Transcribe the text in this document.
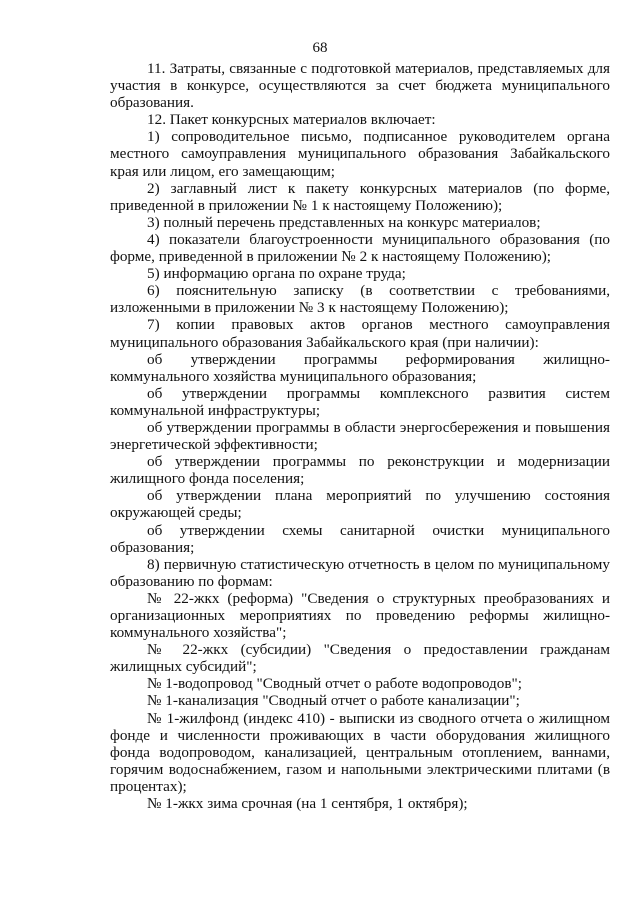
68

11. Затраты, связанные с подготовкой материалов, представляемых для участия в конкурсе, осуществляются за счет бюджета муниципального образования.

12. Пакет конкурсных материалов включает:

1) сопроводительное письмо, подписанное руководителем органа местного самоуправления муниципального образования Забайкальского края или лицом, его замещающим;

2) заглавный лист к пакету конкурсных материалов (по форме, приведенной в приложении № 1 к настоящему Положению);

3) полный перечень представленных на конкурс материалов;

4) показатели благоустроенности муниципального образования (по форме, приведенной в приложении № 2 к настоящему Положению);

5) информацию органа по охране труда;

6) пояснительную записку (в соответствии с требованиями, изложенными в приложении № 3 к настоящему Положению);

7) копии правовых актов органов местного самоуправления муниципального образования Забайкальского края (при наличии):

об утверждении программы реформирования жилищно-коммунального хозяйства муниципального образования;

об утверждении программы комплексного развития систем коммунальной инфраструктуры;

об утверждении программы в области энергосбережения и повышения энергетической эффективности;

об утверждении программы по реконструкции и модернизации жилищного фонда поселения;

об утверждении плана мероприятий по улучшению состояния окружающей среды;

об утверждении схемы санитарной очистки муниципального образования;

8) первичную статистическую отчетность в целом по муниципальному образованию по формам:

№ 22-жкх (реформа) "Сведения о структурных преобразованиях и организационных мероприятиях по проведению реформы жилищно-коммунального хозяйства";

№ 22-жкх (субсидии) "Сведения о предоставлении гражданам жилищных субсидий";

№ 1-водопровод "Сводный отчет о работе водопроводов";

№ 1-канализация "Сводный отчет о работе канализации";

№ 1-жилфонд (индекс 410) - выписки из сводного отчета о жилищном фонде и численности проживающих в части оборудования жилищного фонда водопроводом, канализацией, центральным отоплением, ваннами, горячим водоснабжением, газом и напольными электрическими плитами (в процентах);

№ 1-жкх зима срочная (на 1 сентября, 1 октября);
